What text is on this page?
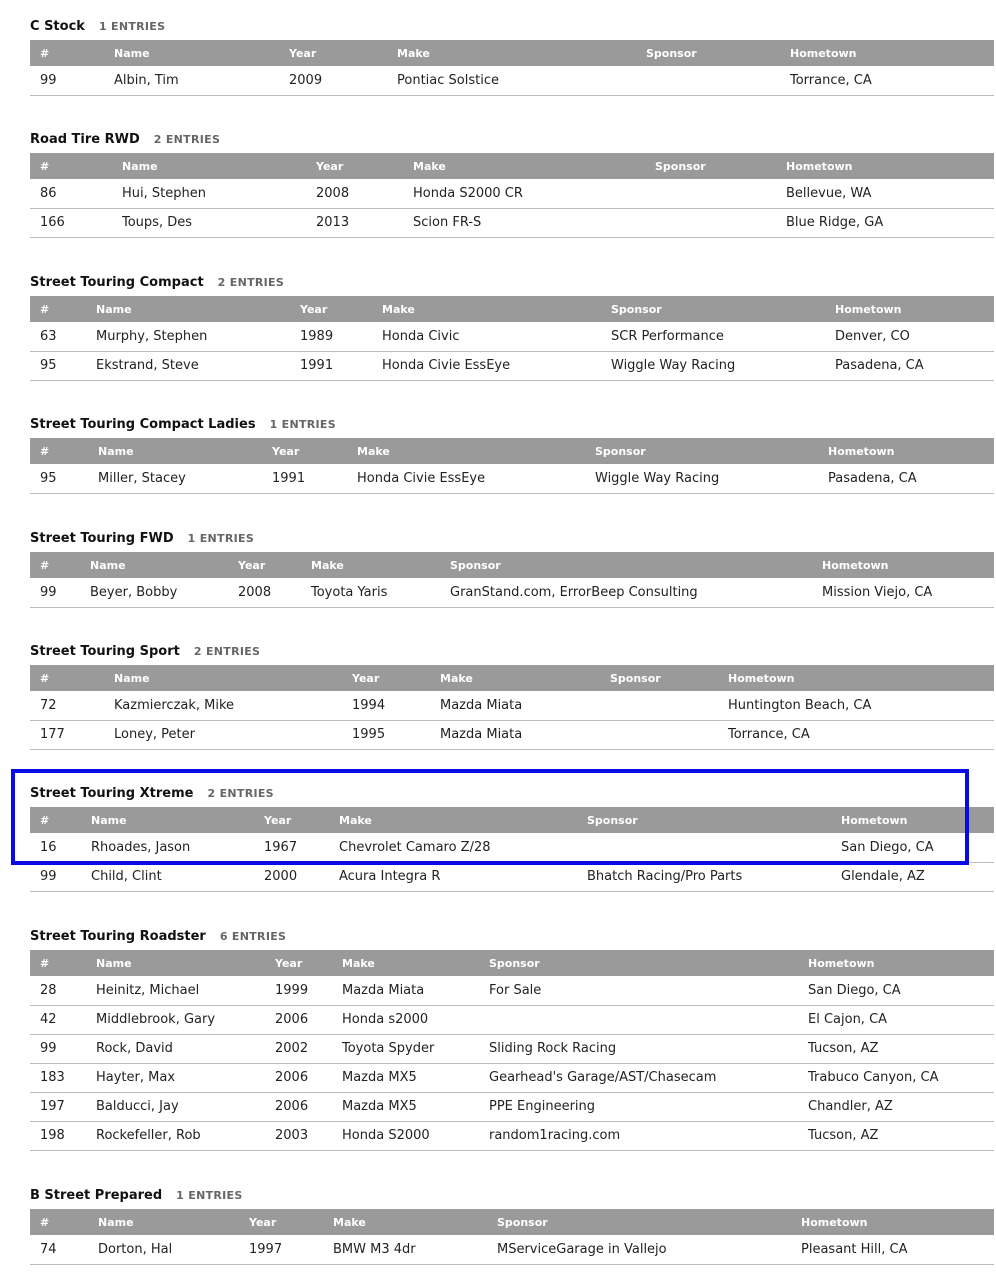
C Stock 1 ENTRIES
#	Name	Year	Make	Sponsor	Hometown
99	Albin, Tim	2009	Pontiac Solstice		Torrance, CA
Road Tire RWD 2 ENTRIES
#	Name	Year	Make	Sponsor	Hometown
86	Hui, Stephen	2008	Honda S2000 CR		Bellevue, WA
166	Toups, Des	2013	Scion FR-S		Blue Ridge, GA
Street Touring Compact 2 ENTRIES
#	Name	Year	Make	Sponsor	Hometown
63	Murphy, Stephen	1989	Honda Civic	SCR Performance	Denver, CO
95	Ekstrand, Steve	1991	Honda Civie EssEye	Wiggle Way Racing	Pasadena, CA
Street Touring Compact Ladies 1 ENTRIES
#	Name	Year	Make	Sponsor	Hometown
95	Miller, Stacey	1991	Honda Civie EssEye	Wiggle Way Racing	Pasadena, CA
Street Touring FWD 1 ENTRIES
#	Name	Year	Make	Sponsor	Hometown
99	Beyer, Bobby	2008	Toyota Yaris	GranStand.com, ErrorBeep Consulting	Mission Viejo, CA
Street Touring Sport 2 ENTRIES
#	Name	Year	Make	Sponsor	Hometown
72	Kazmierczak, Mike	1994	Mazda Miata		Huntington Beach, CA
177	Loney, Peter	1995	Mazda Miata		Torrance, CA
Street Touring Xtreme 2 ENTRIES
#	Name	Year	Make	Sponsor	Hometown
16	Rhoades, Jason	1967	Chevrolet Camaro Z/28		San Diego, CA
99	Child, Clint	2000	Acura Integra R	Bhatch Racing/Pro Parts	Glendale, AZ
Street Touring Roadster 6 ENTRIES
#	Name	Year	Make	Sponsor	Hometown
28	Heinitz, Michael	1999	Mazda Miata	For Sale	San Diego, CA
42	Middlebrook, Gary	2006	Honda s2000		El Cajon, CA
99	Rock, David	2002	Toyota Spyder	Sliding Rock Racing	Tucson, AZ
183	Hayter, Max	2006	Mazda MX5	Gearhead's Garage/AST/Chasecam	Trabuco Canyon, CA
197	Balducci, Jay	2006	Mazda MX5	PPE Engineering	Chandler, AZ
198	Rockefeller, Rob	2003	Honda S2000	random1racing.com	Tucson, AZ
B Street Prepared 1 ENTRIES
#	Name	Year	Make	Sponsor	Hometown
74	Dorton, Hal	1997	BMW M3 4dr	MServiceGarage in Vallejo	Pleasant Hill, CA
